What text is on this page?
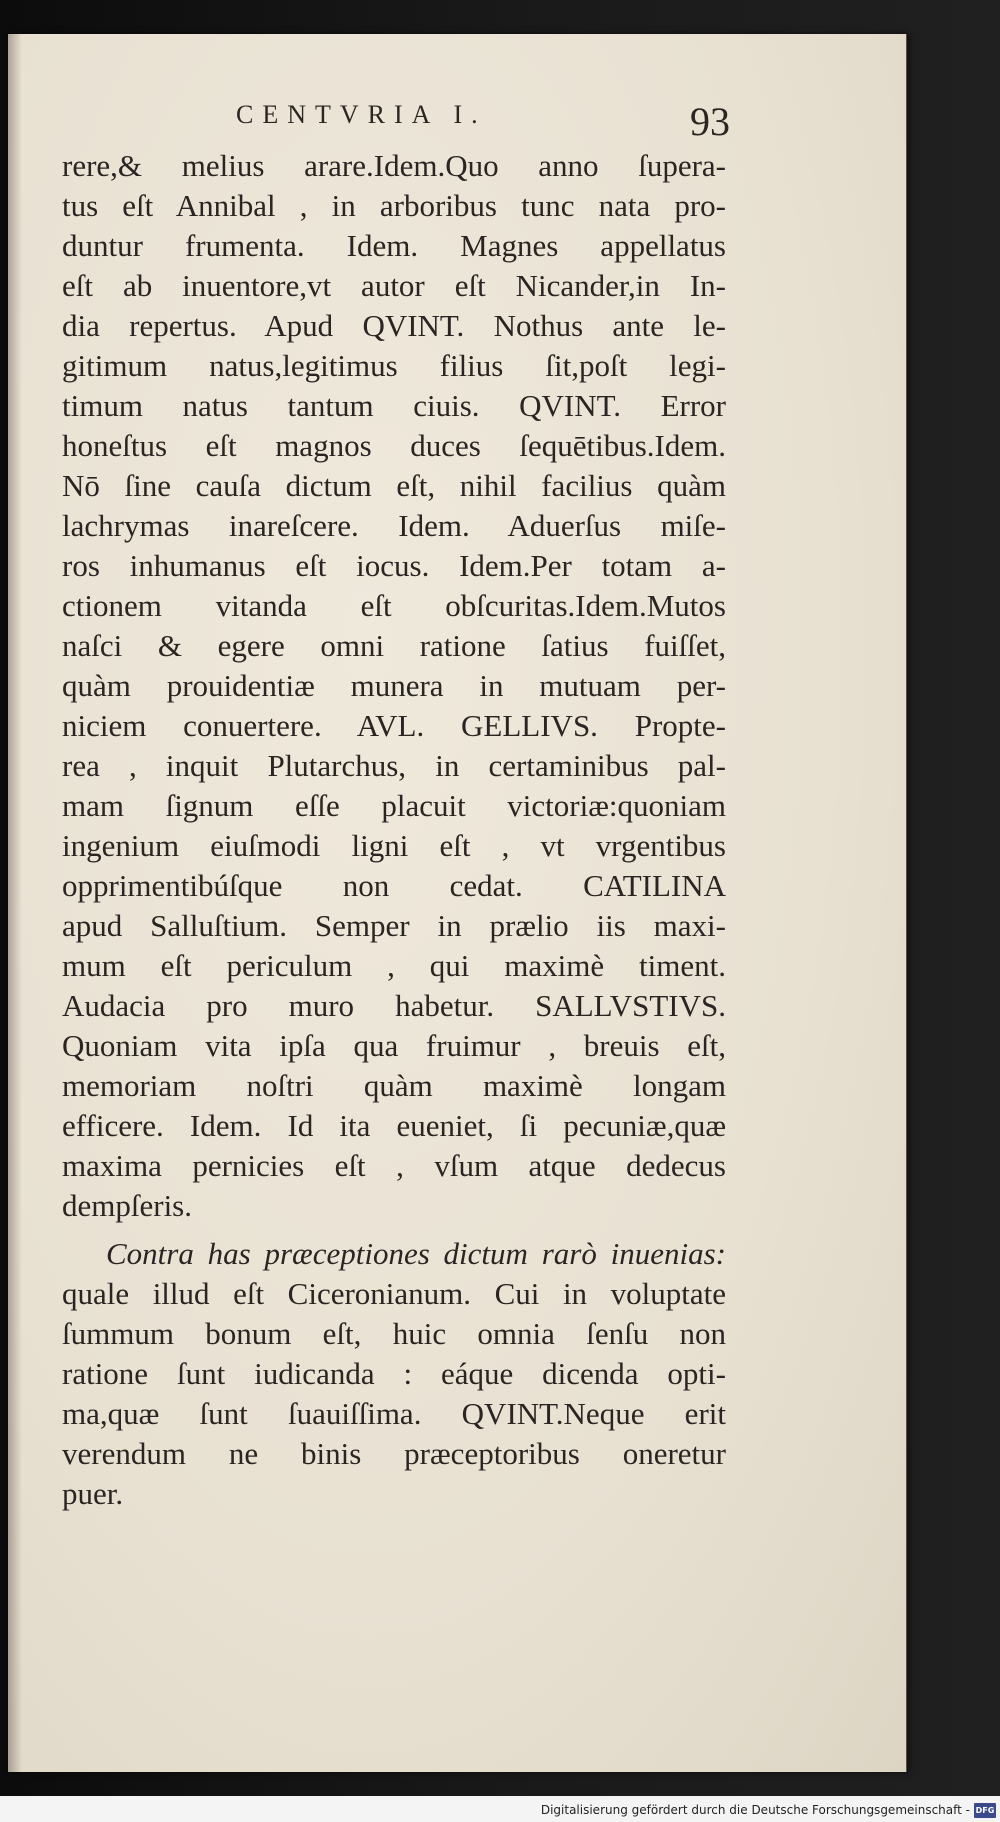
CENTVRIA I.	93
rere,& melius arare.Idem.Quo anno ſupera-
tus eſt Annibal , in arboribus tunc nata pro-
duntur frumenta. Idem. Magnes appellatus
eſt ab inuentore,vt autor eſt Nicander,in In-
dia repertus. Apud QVINT. Nothus ante le-
gitimum natus,legitimus filius ſit,poſt legi-
timum natus tantum ciuis. QVINT. Error
honeſtus eſt magnos duces ſequētibus.Idem.
Nō ſine cauſa dictum eſt, nihil facilius quàm
lachrymas inareſcere. Idem. Aduerſus miſe-
ros inhumanus eſt iocus. Idem.Per totam a-
ctionem vitanda eſt obſcuritas.Idem.Mutos
naſci & egere omni ratione ſatius fuiſſet,
quàm prouidentiæ munera in mutuam per-
niciem conuertere. AVL. GELLIVS. Propte-
rea , inquit Plutarchus, in certaminibus pal-
mam ſignum eſſe placuit victoriæ:quoniam
ingenium eiuſmodi ligni eſt , vt vrgentibus
opprimentibúſque non cedat. CATILINA
apud Salluſtium. Semper in prælio iis maxi-
mum eſt periculum , qui maximè timent.
Audacia pro muro habetur. SALLVSTIVS.
Quoniam vita ipſa qua fruimur , breuis eſt,
memoriam noſtri quàm maximè longam
efficere. Idem. Id ita eueniet, ſi pecuniæ,quæ
maxima pernicies eſt , vſum atque dedecus
dempſeris.
Contra has præceptiones dictum rarò inuenias:
quale illud eſt Ciceronianum. Cui in voluptate
ſummum bonum eſt, huic omnia ſenſu non
ratione ſunt iudicanda : eáque dicenda opti-
ma,quæ ſunt ſuauiſſima. QVINT.Neque erit
verendum ne binis præceptoribus oneretur
puer.
Digitalisierung gefördert durch die Deutsche Forschungsgemeinschaft - DFG
